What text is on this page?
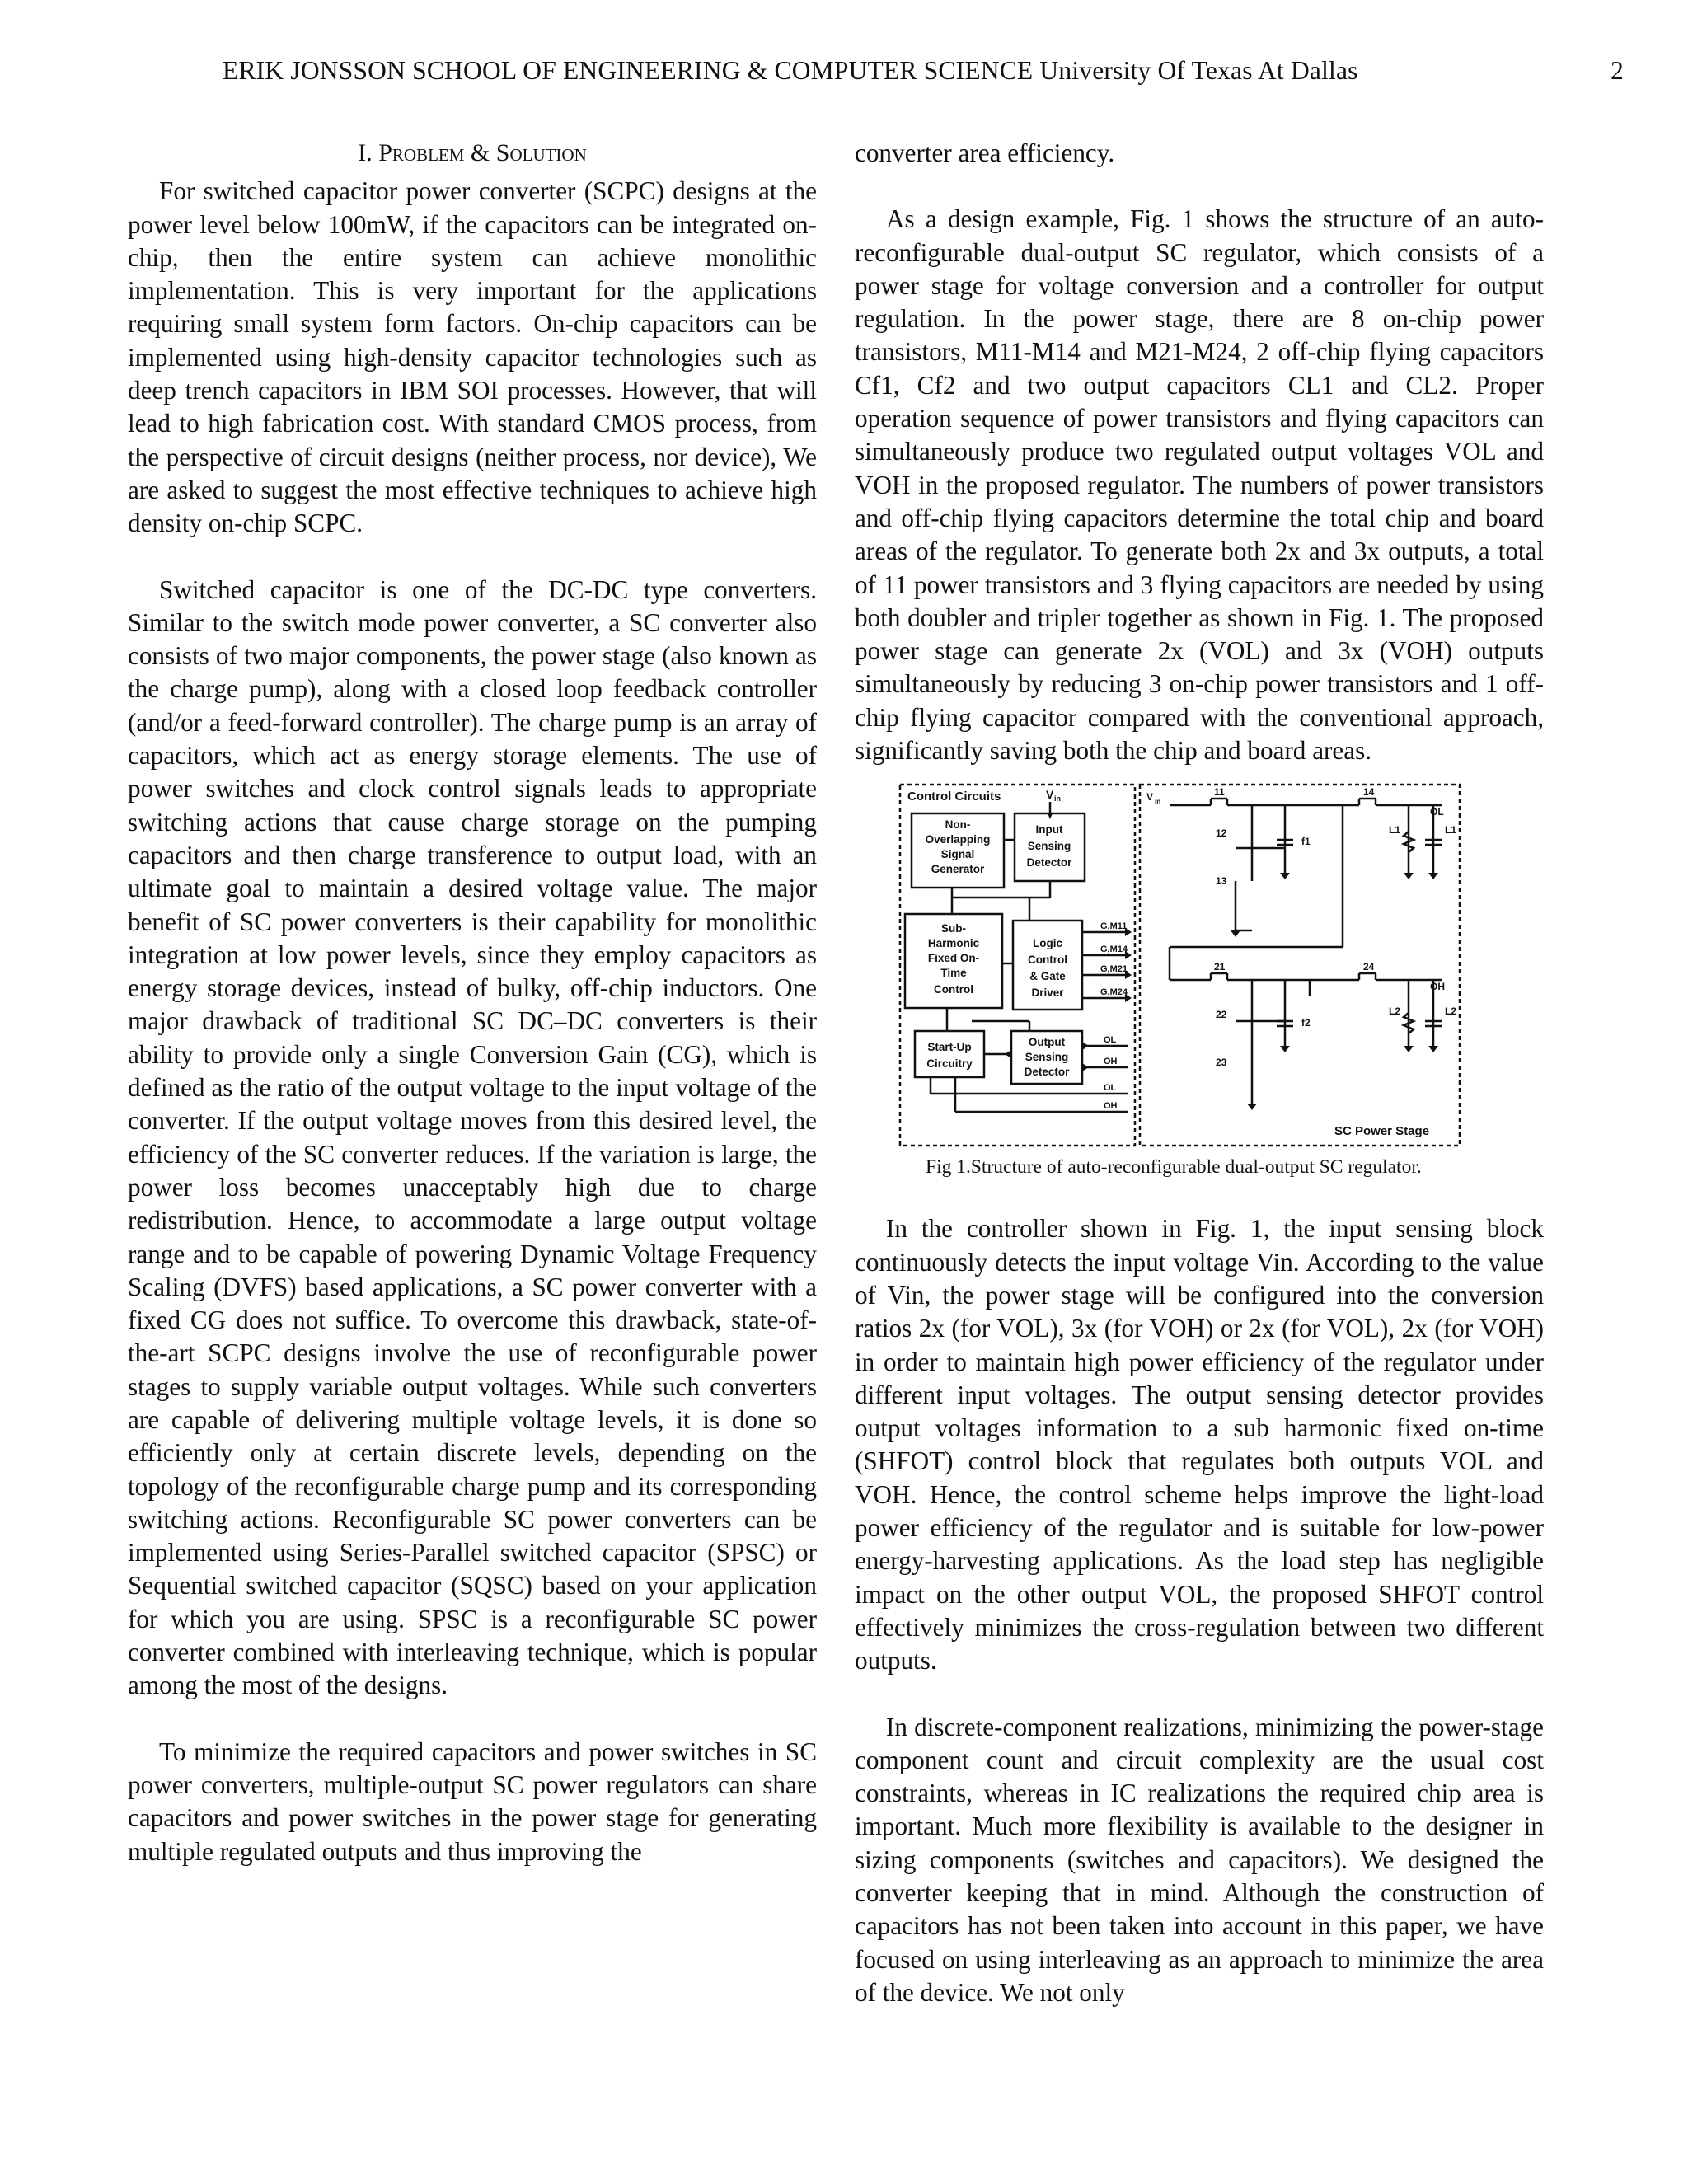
ERIK JONSSON SCHOOL OF ENGINEERING & COMPUTER SCIENCE University Of Texas At Dallas	2
I. Problem & Solution

For switched capacitor power converter (SCPC) designs at the power level below 100mW, if the capacitors can be integrated on-chip, then the entire system can achieve monolithic implementation. This is very important for the applications requiring small system form factors. On-chip capacitors can be implemented using high-density capacitor technologies such as deep trench capacitors in IBM SOI processes. However, that will lead to high fabrication cost. With standard CMOS process, from the perspective of circuit designs (neither process, nor device), We are asked to suggest the most effective techniques to achieve high density on-chip SCPC.

Switched capacitor is one of the DC-DC type converters. Similar to the switch mode power converter, a SC converter also consists of two major components, the power stage (also known as the charge pump), along with a closed loop feedback controller (and/or a feed-forward controller). The charge pump is an array of capacitors, which act as energy storage elements. The use of power switches and clock control signals leads to appropriate switching actions that cause charge storage on the pumping capacitors and then charge transference to output load, with an ultimate goal to maintain a desired voltage value. The major benefit of SC power converters is their capability for monolithic integration at low power levels, since they employ capacitors as energy storage devices, instead of bulky, off-chip inductors. One major drawback of traditional SC DC–DC converters is their ability to provide only a single Conversion Gain (CG), which is defined as the ratio of the output voltage to the input voltage of the converter. If the output voltage moves from this desired level, the efficiency of the SC converter reduces. If the variation is large, the power loss becomes unacceptably high due to charge redistribution. Hence, to accommodate a large output voltage range and to be capable of powering Dynamic Voltage Frequency Scaling (DVFS) based applications, a SC power converter with a fixed CG does not suffice. To overcome this drawback, state-of-the-art SCPC designs involve the use of reconfigurable power stages to supply variable output voltages. While such converters are capable of delivering multiple voltage levels, it is done so efficiently only at certain discrete levels, depending on the topology of the reconfigurable charge pump and its corresponding switching actions. Reconfigurable SC power converters can be implemented using Series-Parallel switched capacitor (SPSC) or Sequential switched capacitor (SQSC) based on your application for which you are using. SPSC is a reconfigurable SC power converter combined with interleaving technique, which is popular among the most of the designs.

To minimize the required capacitors and power switches in SC power converters, multiple-output SC power regulators can share capacitors and power switches in the power stage for generating multiple regulated outputs and thus improving the

converter area efficiency.

As a design example, Fig. 1 shows the structure of an auto-reconfigurable dual-output SC regulator, which consists of a power stage for voltage conversion and a controller for output regulation. In the power stage, there are 8 on-chip power transistors, M11-M14 and M21-M24, 2 off-chip flying capacitors Cf1, Cf2 and two output capacitors CL1 and CL2. Proper operation sequence of power transistors and flying capacitors can simultaneously produce two regulated output voltages VOL and VOH in the proposed regulator. The numbers of power transistors and off-chip flying capacitors determine the total chip and board areas of the regulator. To generate both 2x and 3x outputs, a total of 11 power transistors and 3 flying capacitors are needed by using both doubler and tripler together as shown in Fig. 1. The proposed power stage can generate 2x (VOL) and 3x (VOH) outputs simultaneously by reducing 3 on-chip power transistors and 1 off-chip flying capacitor compared with the conventional approach, significantly saving both the chip and board areas.

Control Circuits	V in
Non-
Overlapping
Signal
Generator
Input
Sensing
Detector
Sub-
Harmonic
Fixed On-
Time
Control
Logic
Control
& Gate
Driver
Start-Up
Circuitry
Output
Sensing
Detector
G,M11
G,M14
G,M21
G,M24
OL
OH
OL
OH
11	14
12
13
21	24
22
23
f1
f2
L1
L2
L1
L2
OL
OH
V in
SC Power Stage
Fig 1.Structure of auto-reconfigurable dual-output SC regulator.

In the controller shown in Fig. 1, the input sensing block continuously detects the input voltage Vin. According to the value of Vin, the power stage will be configured into the conversion ratios 2x (for VOL), 3x (for VOH) or 2x (for VOL), 2x (for VOH) in order to maintain high power efficiency of the regulator under different input voltages. The output sensing detector provides output voltages information to a sub harmonic fixed on-time (SHFOT) control block that regulates both outputs VOL and VOH. Hence, the control scheme helps improve the light-load power efficiency of the regulator and is suitable for low-power energy-harvesting applications. As the load step has negligible impact on the other output VOL, the proposed SHFOT control effectively minimizes the cross-regulation between two different outputs.

In discrete-component realizations, minimizing the power-stage component count and circuit complexity are the usual cost constraints, whereas in IC realizations the required chip area is important. Much more flexibility is available to the designer in sizing components (switches and capacitors). We designed the converter keeping that in mind. Although the construction of capacitors has not been taken into account in this paper, we have focused on using interleaving as an approach to minimize the area of the device. We not only
